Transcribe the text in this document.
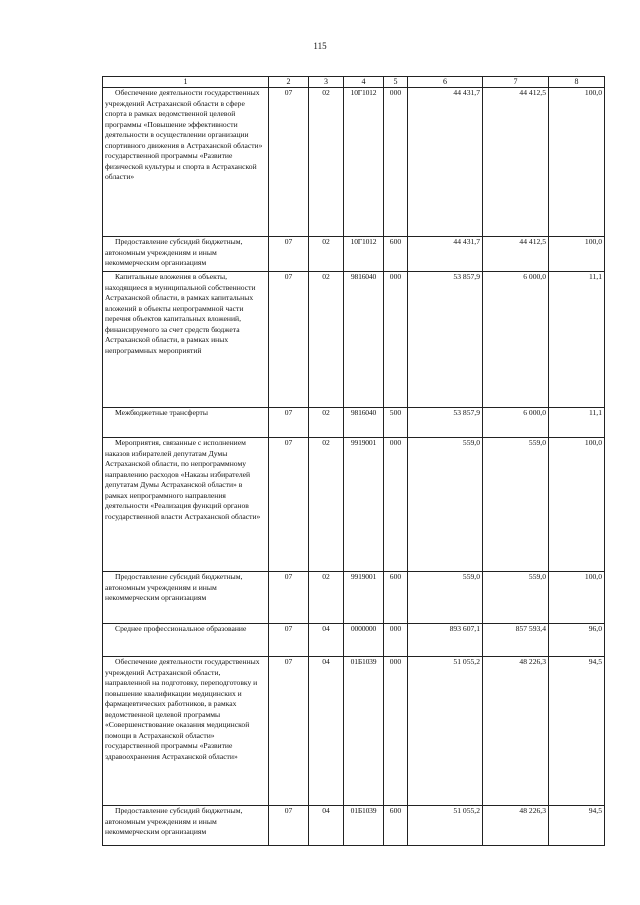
115
1	2	3	4	5	6	7	8

Обеспечение деятельности государственных учреждений Астраханской области в сфере спорта в рамках ведомственной целевой программы «Повышение эффективности деятельности в осуществлении организации спортивного движения в Астраханской области» государственной программы «Развитие физической культуры и спорта в Астраханской области»	07	02	10Г1012	000	44 431,7	44 412,5	100,0

Предоставление субсидий бюджетным, автономным учреждениям и иным некоммерческим организациям	07	02	10Г1012	600	44 431,7	44 412,5	100,0

Капитальные вложения в объекты, находящиеся в муниципальной собственности Астраханской области, в рамках капитальных вложений в объекты непрограммной части перечня объектов капитальных вложений, финансируемого за счет средств бюджета Астраханской области, в рамках иных непрограммных мероприятий	07	02	9816040	000	53 857,9	6 000,0	11,1

Межбюджетные трансферты	07	02	9816040	500	53 857,9	6 000,0	11,1

Мероприятия, связанные с исполнением наказов избирателей депутатам Думы Астраханской области, по непрограммному направлению расходов «Наказы избирателей депутатам Думы Астраханской области» в рамках непрограммного направления деятельности «Реализация функций органов государственной власти Астраханской области»	07	02	9919001	000	559,0	559,0	100,0

Предоставление субсидий бюджетным, автономным учреждениям и иным некоммерческим организациям	07	02	9919001	600	559,0	559,0	100,0

Среднее профессиональное образование	07	04	0000000	000	893 607,1	857 593,4	96,0

Обеспечение деятельности государственных учреждений Астраханской области, направленной на подготовку, переподготовку и повышение квалификации медицинских и фармацевтических работников, в рамках ведомственной целевой программы «Совершенствование оказания медицинской помощи в Астраханской области» государственной программы «Развитие здравоохранения Астраханской области»	07	04	01Б1039	000	51 055,2	48 226,3	94,5

Предоставление субсидий бюджетным, автономным учреждениям и иным некоммерческим организациям	07	04	01Б1039	600	51 055,2	48 226,3	94,5
